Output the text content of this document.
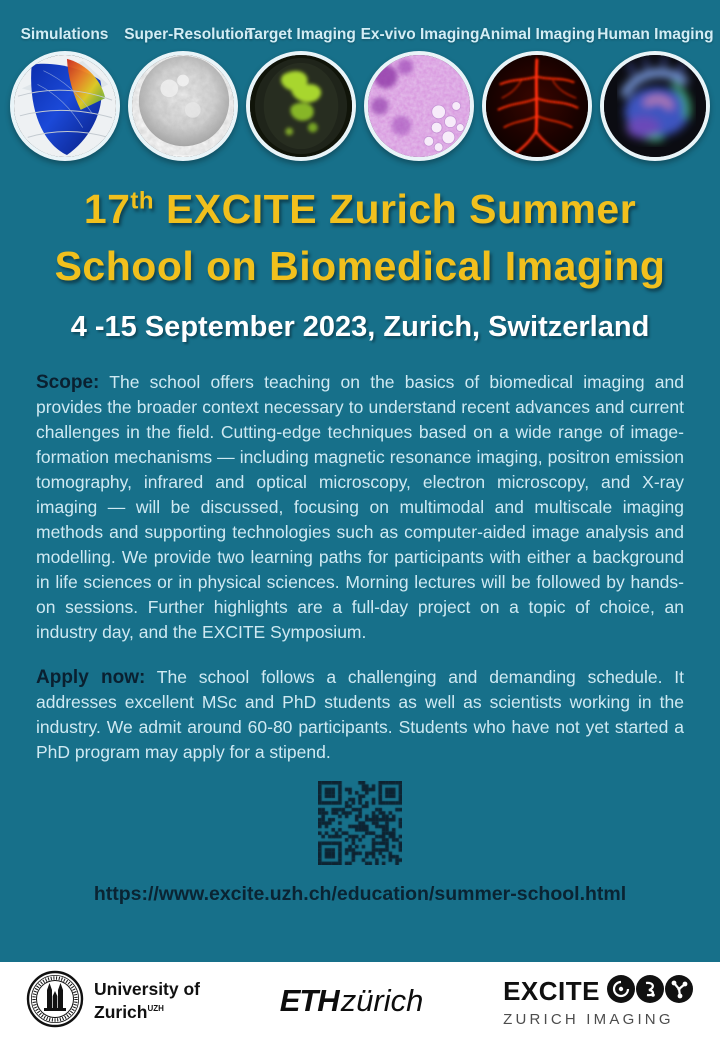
Simulations	Super-Resolution
Target Imaging Ex-vivo Imaging Animal Imaging Human Imaging
17th EXCITE Zurich Summer
School on Biomedical Imaging
4 -15 September 2023, Zurich, Switzerland

Scope: The school offers teaching on the basics of biomedical imaging and provides the broader context necessary to understand recent advances and current challenges in the field. Cutting-edge techniques based on a wide range of image-formation mechanisms — including magnetic resonance imaging, positron emission tomography, infrared and optical microscopy, electron microscopy, and X-ray imaging — will be discussed, focusing on multimodal and multiscale imaging methods and supporting technologies such as computer-aided image analysis and modelling. We provide two learning paths for participants with either a background in life sciences or in physical sciences. Morning lectures will be followed by hands-on sessions. Further highlights are a full-day project on a topic of choice, an industry day, and the EXCITE Symposium.

Apply now: The school follows a challenging and demanding schedule. It addresses excellent MSc and PhD students as well as scientists working in the industry. We admit around 60-80 participants. Students who have not yet started a PhD program may apply for a stipend.

https://www.excite.uzh.ch/education/summer-school.html
University of
Zurich$^{UZH}$	ETHzürich	EXCITE
ZURICH IMAGING
